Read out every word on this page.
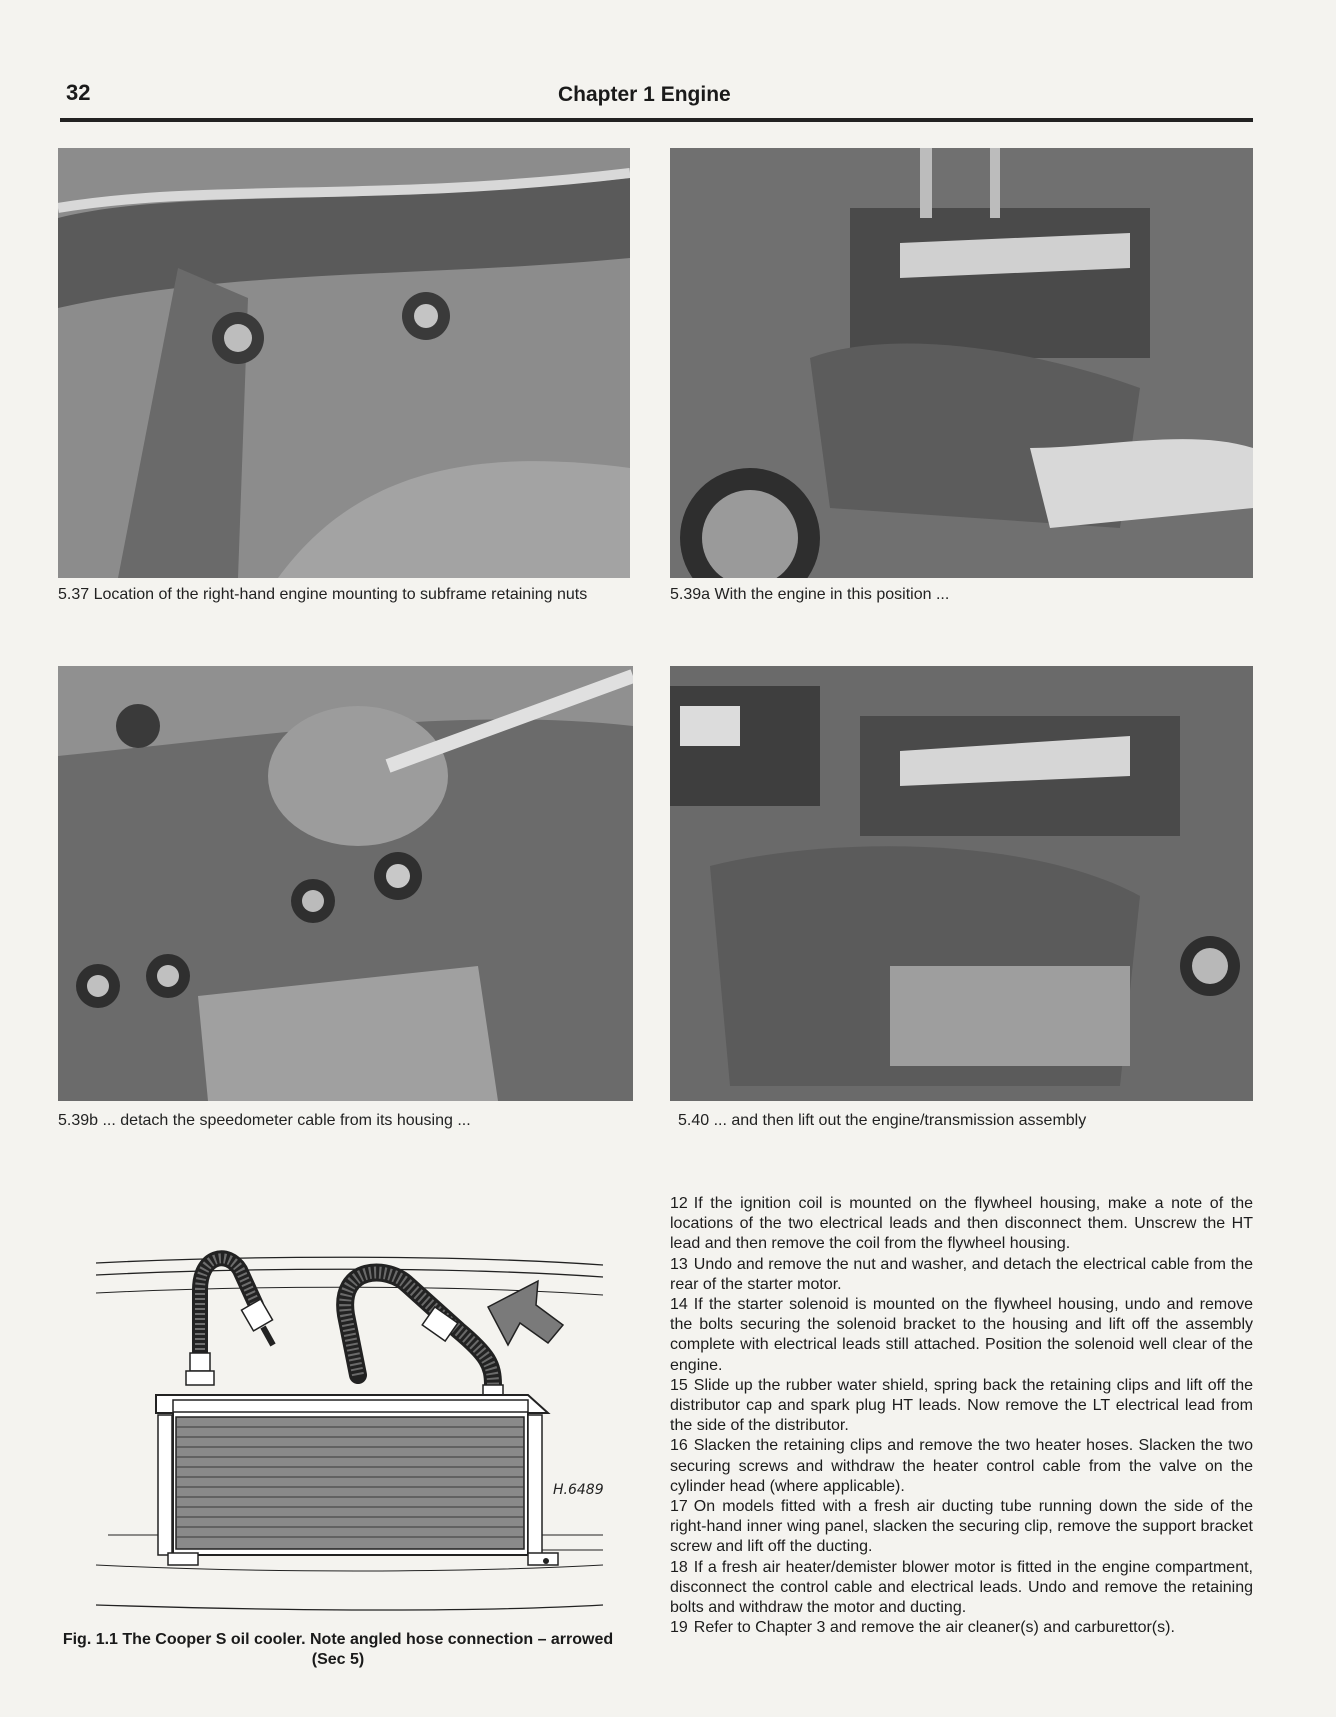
32	Chapter 1 Engine
5.37 Location of the right-hand engine mounting to subframe retaining nuts	5.39a With the engine in this position ...
5.39b ... detach the speedometer cable from its housing ...	5.40 ... and then lift out the engine/transmission assembly
H.6489
Fig. 1.1 The Cooper S oil cooler. Note angled hose connection – arrowed (Sec 5)

12 If the ignition coil is mounted on the flywheel housing, make a note of the locations of the two electrical leads and then disconnect them. Unscrew the HT lead and then remove the coil from the flywheel housing.

13 Undo and remove the nut and washer, and detach the electrical cable from the rear of the starter motor.

14 If the starter solenoid is mounted on the flywheel housing, undo and remove the bolts securing the solenoid bracket to the housing and lift off the assembly complete with electrical leads still attached. Position the solenoid well clear of the engine.

15 Slide up the rubber water shield, spring back the retaining clips and lift off the distributor cap and spark plug HT leads. Now remove the LT electrical lead from the side of the distributor.

16 Slacken the retaining clips and remove the two heater hoses. Slacken the two securing screws and withdraw the heater control cable from the valve on the cylinder head (where applicable).

17 On models fitted with a fresh air ducting tube running down the side of the right-hand inner wing panel, slacken the securing clip, remove the support bracket screw and lift off the ducting.

18 If a fresh air heater/demister blower motor is fitted in the engine compartment, disconnect the control cable and electrical leads. Undo and remove the retaining bolts and withdraw the motor and ducting.

19 Refer to Chapter 3 and remove the air cleaner(s) and carburettor(s).
